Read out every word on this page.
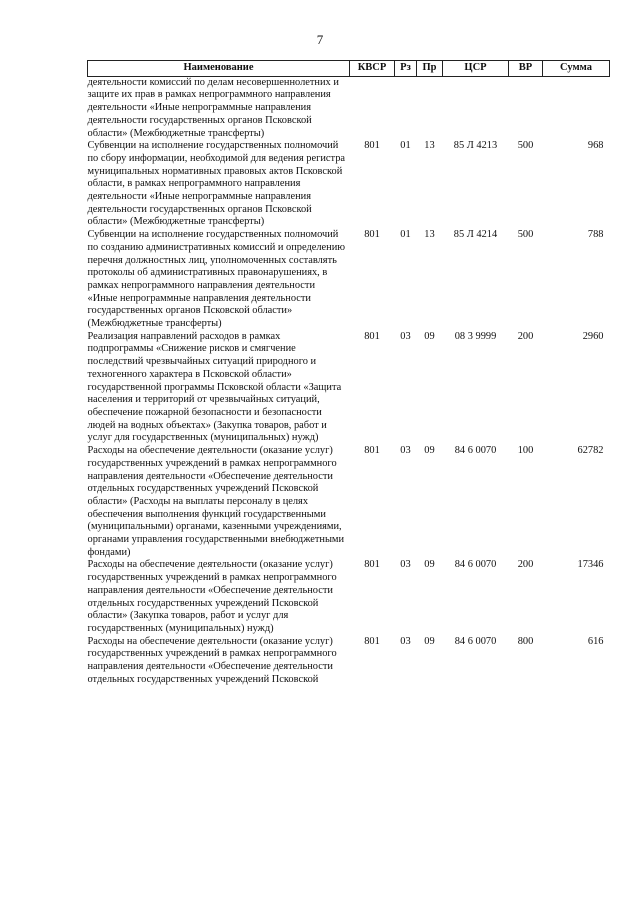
7
Наименование	КВСР	Рз	Пр	ЦСР	ВР	Сумма
деятельности комиссий по делам несовершеннолетних и защите их прав в рамках непрограммного направления деятельности «Иные непрограммные направления деятельности государственных органов Псковской области» (Межбюджетные трансферты)						
Субвенции на исполнение государственных полномочий по сбору информации, необходимой для ведения регистра муниципальных нормативных правовых актов Псковской области, в рамках непрограммного направления деятельности «Иные непрограммные направления деятельности государственных органов Псковской области» (Межбюджетные трансферты)	801	01	13	85 Л 4213	500	968
Субвенции на исполнение государственных полномочий по созданию административных комиссий и определению перечня должностных лиц, уполномоченных составлять протоколы об административных правонарушениях, в рамках непрограммного направления деятельности «Иные непрограммные направления деятельности государственных органов Псковской области» (Межбюджетные трансферты)	801	01	13	85 Л 4214	500	788
Реализация направлений расходов в рамках подпрограммы «Снижение рисков и смягчение последствий чрезвычайных ситуаций природного и техногенного характера в Псковской области» государственной программы Псковской области «Защита населения и территорий от чрезвычайных ситуаций, обеспечение пожарной безопасности и безопасности людей на водных объектах» (Закупка товаров, работ и услуг для государственных (муниципальных) нужд)	801	03	09	08 3 9999	200	2960
Расходы на обеспечение деятельности (оказание услуг) государственных учреждений в рамках непрограммного направления деятельности «Обеспечение деятельности отдельных государственных учреждений Псковской области» (Расходы на выплаты персоналу в целях обеспечения выполнения функций государственными (муниципальными) органами, казенными учреждениями, органами управления государственными внебюджетными фондами)	801	03	09	84 6 0070	100	62782
Расходы на обеспечение деятельности (оказание услуг) государственных учреждений в рамках непрограммного направления деятельности «Обеспечение деятельности отдельных государственных учреждений Псковской области» (Закупка товаров, работ и услуг для государственных (муниципальных) нужд)	801	03	09	84 6 0070	200	17346
Расходы на обеспечение деятельности (оказание услуг) государственных учреждений в рамках непрограммного направления деятельности «Обеспечение деятельности отдельных государственных учреждений Псковской	801	03	09	84 6 0070	800	616
